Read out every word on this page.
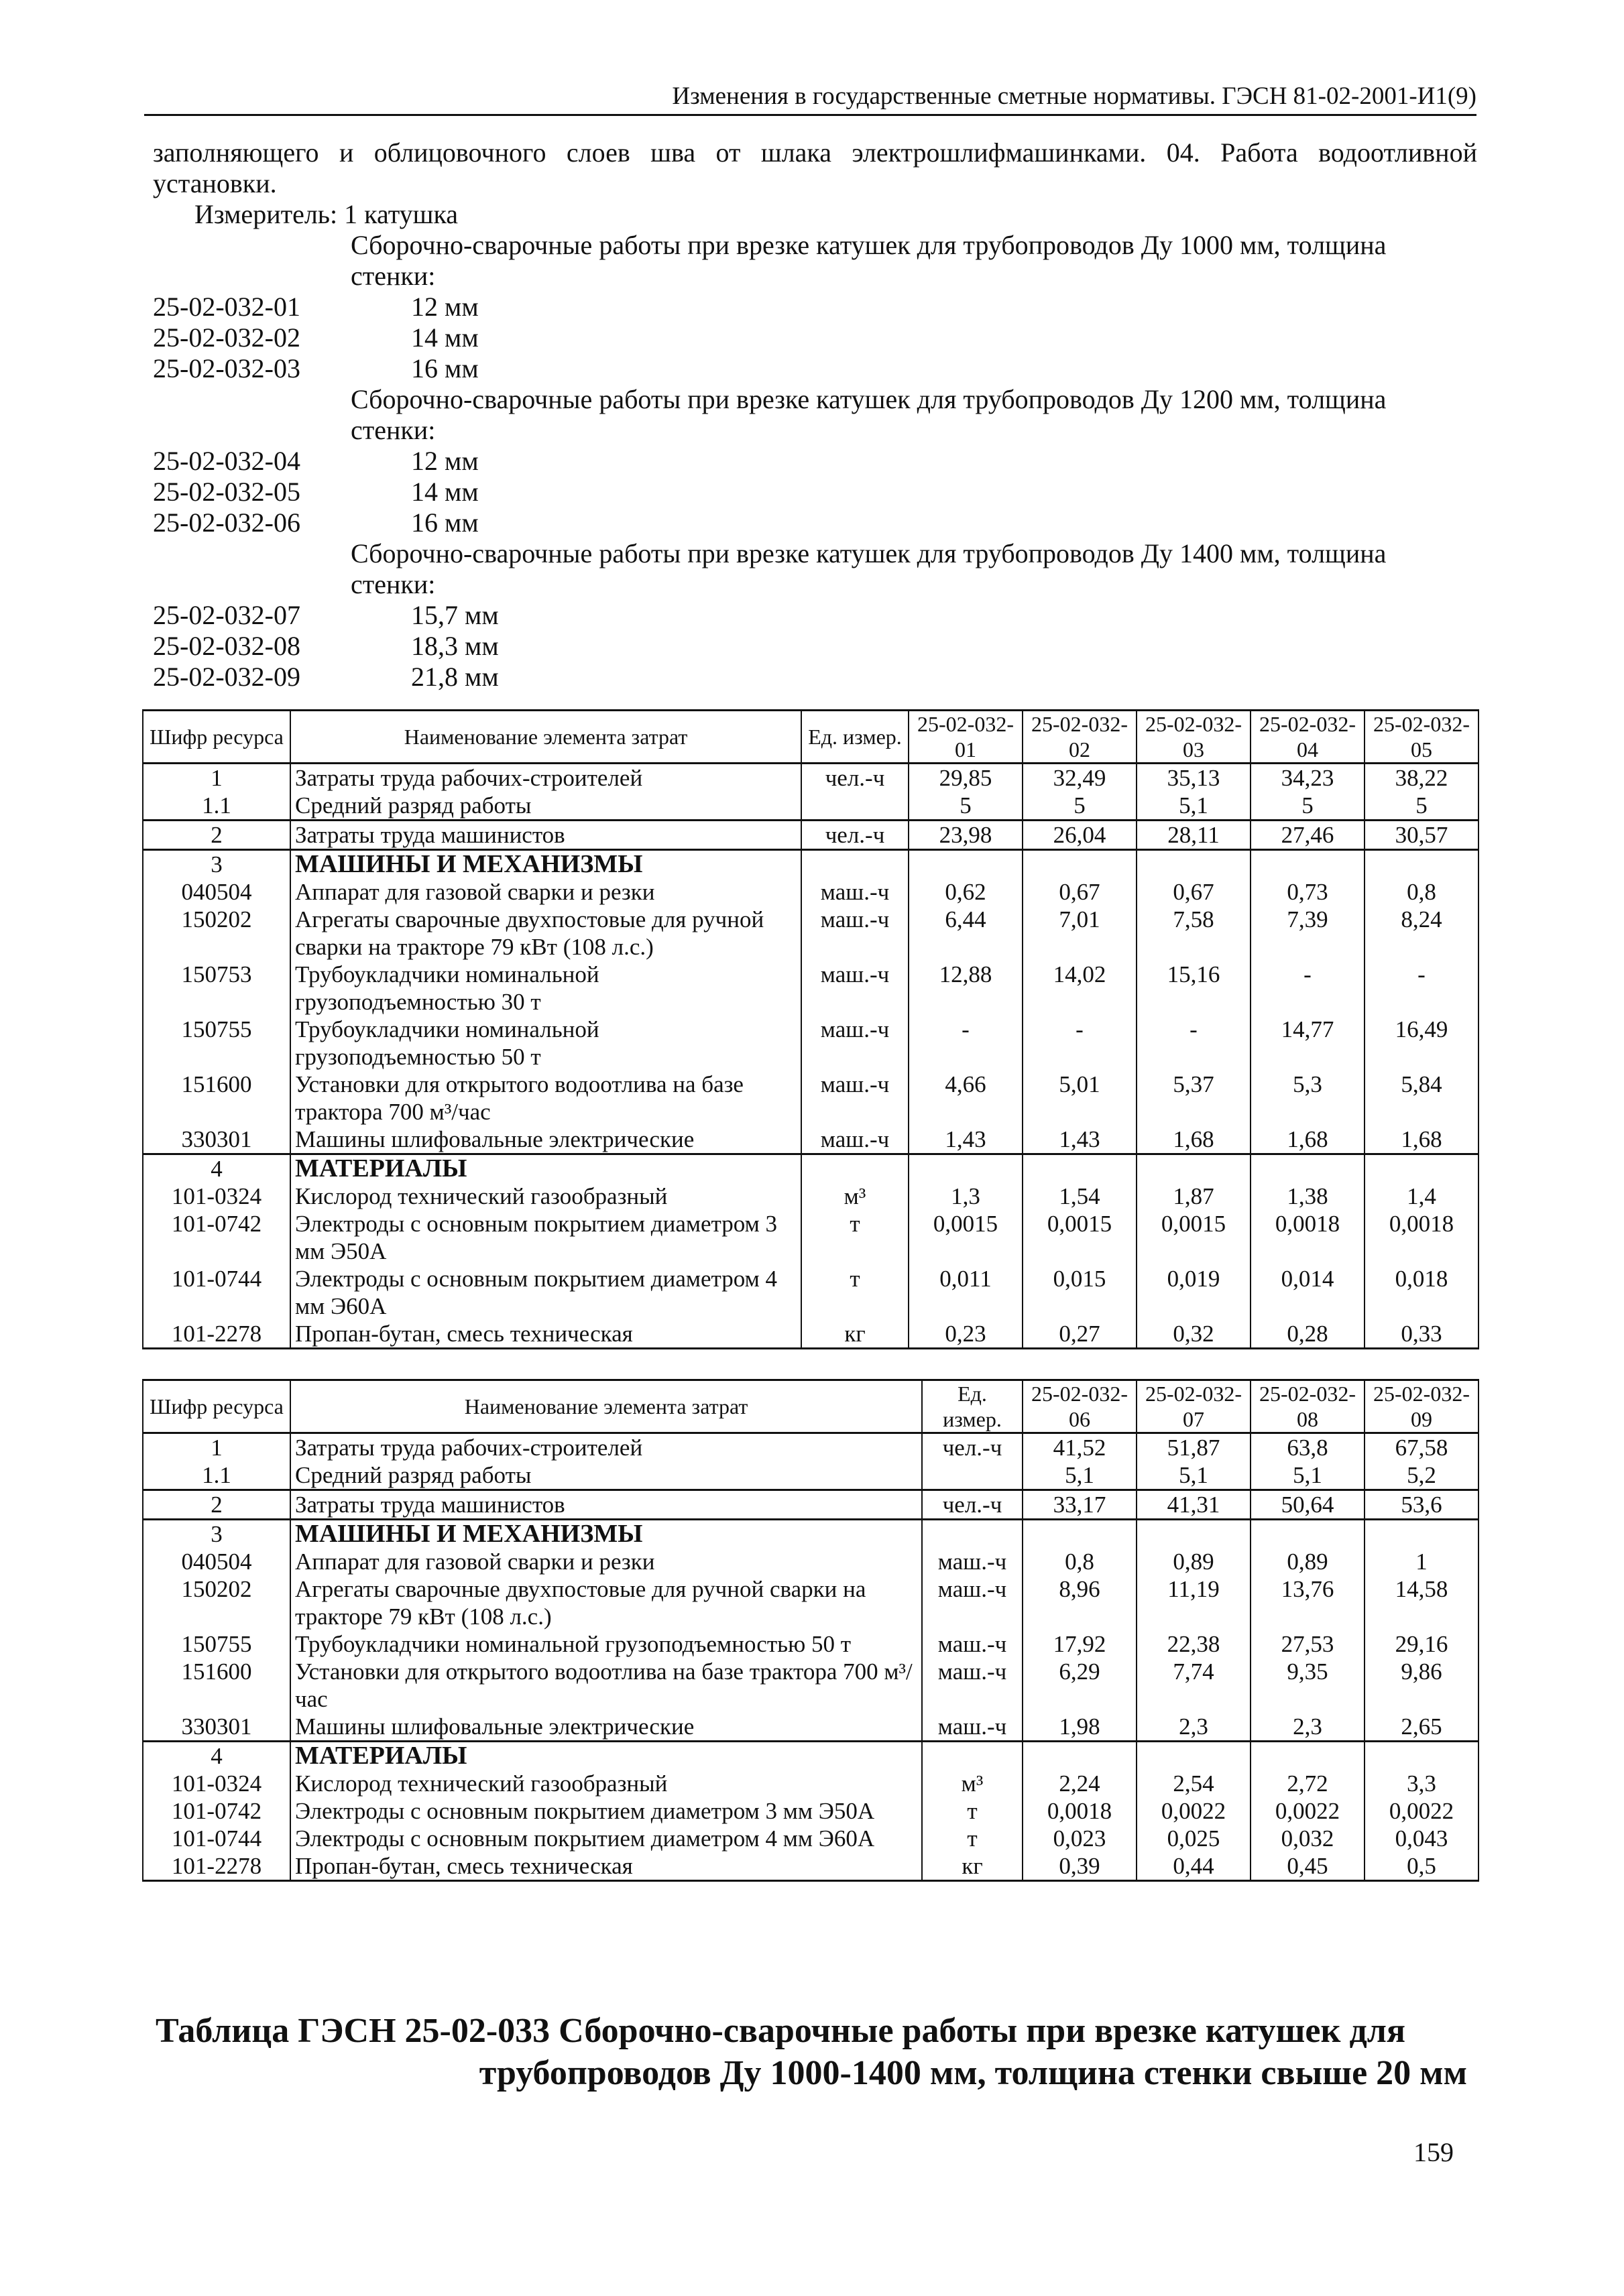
Изменения в государственные сметные нормативы. ГЭСН 81-02-2001-И1(9)
заполняющего и облицовочного слоев шва от шлака электрошлифмашинками. 04. Работа водоотливной
установки.
Измеритель: 1 катушка
Сборочно-сварочные работы при врезке катушек для трубопроводов Ду 1000 мм, толщина
стенки:
25-02-032-01	12 мм
25-02-032-02	14 мм
25-02-032-03	16 мм
Сборочно-сварочные работы при врезке катушек для трубопроводов Ду 1200 мм, толщина
стенки:
25-02-032-04	12 мм
25-02-032-05	14 мм
25-02-032-06	16 мм
Сборочно-сварочные работы при врезке катушек для трубопроводов Ду 1400 мм, толщина
стенки:
25-02-032-07	15,7 мм
25-02-032-08	18,3 мм
25-02-032-09	21,8 мм
Шифр ресурса	Наименование элемента затрат	Ед. измер.	25-02-032-01	25-02-032-02	25-02-032-03	25-02-032-04	25-02-032-05
1	Затраты труда рабочих-строителей	чел.-ч	29,85	32,49	35,13	34,23	38,22
1.1	Средний разряд работы		5	5	5,1	5	5
2	Затраты труда машинистов	чел.-ч	23,98	26,04	28,11	27,46	30,57
3	МАШИНЫ И МЕХАНИЗМЫ						
040504	Аппарат для газовой сварки и резки	маш.-ч	0,62	0,67	0,67	0,73	0,8
150202	Агрегаты сварочные двухпостовые для ручной сварки на тракторе 79 кВт (108 л.с.)	маш.-ч	6,44	7,01	7,58	7,39	8,24
150753	Трубоукладчики номинальной грузоподъемностью 30 т	маш.-ч	12,88	14,02	15,16	-	-
150755	Трубоукладчики номинальной грузоподъемностью 50 т	маш.-ч	-	-	-	14,77	16,49
151600	Установки для открытого водоотлива на базе трактора 700 м³/час	маш.-ч	4,66	5,01	5,37	5,3	5,84
330301	Машины шлифовальные электрические	маш.-ч	1,43	1,43	1,68	1,68	1,68
4	МАТЕРИАЛЫ						
101-0324	Кислород технический газообразный	м³	1,3	1,54	1,87	1,38	1,4
101-0742	Электроды с основным покрытием диаметром 3 мм Э50А	т	0,0015	0,0015	0,0015	0,0018	0,0018
101-0744	Электроды с основным покрытием диаметром 4 мм Э60А	т	0,011	0,015	0,019	0,014	0,018
101-2278	Пропан-бутан, смесь техническая	кг	0,23	0,27	0,32	0,28	0,33
Шифр ресурса	Наименование элемента затрат	Ед. измер.	25-02-032-06	25-02-032-07	25-02-032-08	25-02-032-09
1	Затраты труда рабочих-строителей	чел.-ч	41,52	51,87	63,8	67,58
1.1	Средний разряд работы		5,1	5,1	5,1	5,2
2	Затраты труда машинистов	чел.-ч	33,17	41,31	50,64	53,6
3	МАШИНЫ И МЕХАНИЗМЫ					
040504	Аппарат для газовой сварки и резки	маш.-ч	0,8	0,89	0,89	1
150202	Агрегаты сварочные двухпостовые для ручной сварки на тракторе 79 кВт (108 л.с.)	маш.-ч	8,96	11,19	13,76	14,58
150755	Трубоукладчики номинальной грузоподъемностью 50 т	маш.-ч	17,92	22,38	27,53	29,16
151600	Установки для открытого водоотлива на базе трактора 700 м³/час	маш.-ч	6,29	7,74	9,35	9,86
330301	Машины шлифовальные электрические	маш.-ч	1,98	2,3	2,3	2,65
4	МАТЕРИАЛЫ					
101-0324	Кислород технический газообразный	м³	2,24	2,54	2,72	3,3
101-0742	Электроды с основным покрытием диаметром 3 мм Э50А	т	0,0018	0,0022	0,0022	0,0022
101-0744	Электроды с основным покрытием диаметром 4 мм Э60А	т	0,023	0,025	0,032	0,043
101-2278	Пропан-бутан, смесь техническая	кг	0,39	0,44	0,45	0,5
Таблица ГЭСН 25-02-033 Сборочно-сварочные работы при врезке катушек для
трубопроводов Ду 1000-1400 мм, толщина стенки свыше 20 мм
159
